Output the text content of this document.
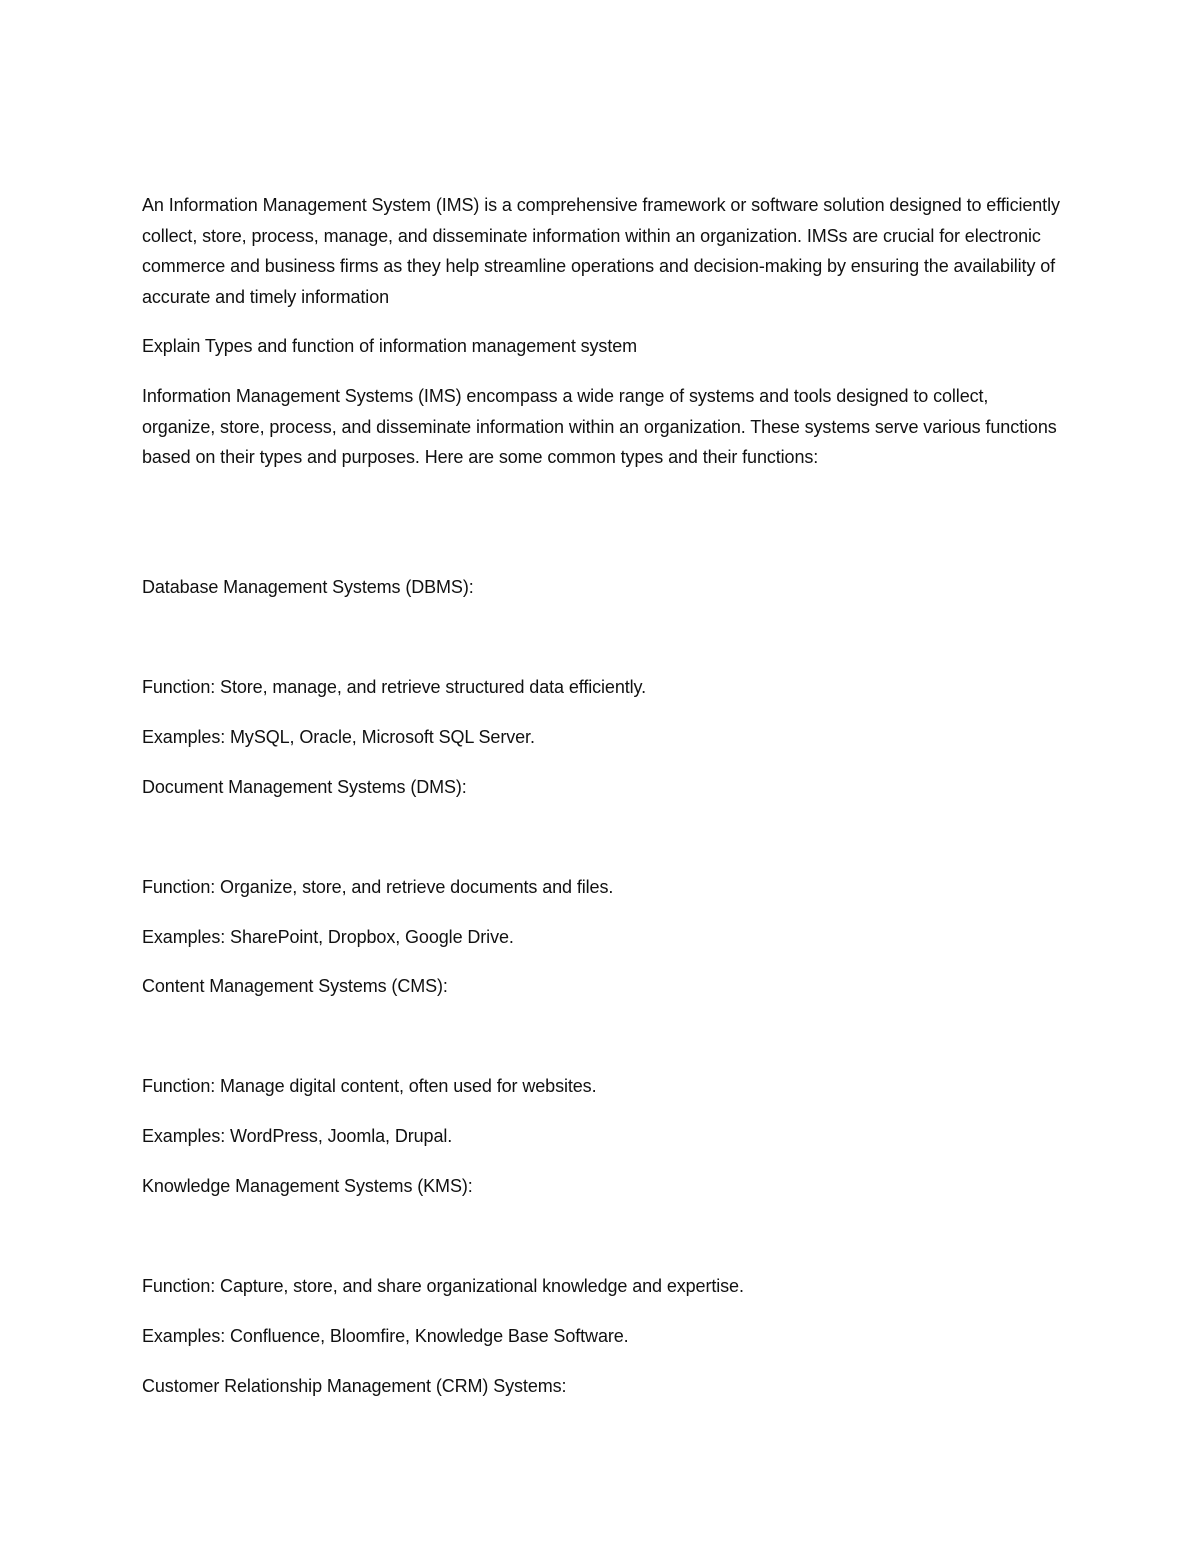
An Information Management System (IMS) is a comprehensive framework or software solution designed to efficiently collect, store, process, manage, and disseminate information within an organization. IMSs are crucial for electronic commerce and business firms as they help streamline operations and decision-making by ensuring the availability of accurate and timely information

Explain Types and function of information management system

Information Management Systems (IMS) encompass a wide range of systems and tools designed to collect, organize, store, process, and disseminate information within an organization. These systems serve various functions based on their types and purposes. Here are some common types and their functions:

Database Management Systems (DBMS):

Function: Store, manage, and retrieve structured data efficiently.

Examples: MySQL, Oracle, Microsoft SQL Server.

Document Management Systems (DMS):

Function: Organize, store, and retrieve documents and files.

Examples: SharePoint, Dropbox, Google Drive.

Content Management Systems (CMS):

Function: Manage digital content, often used for websites.

Examples: WordPress, Joomla, Drupal.

Knowledge Management Systems (KMS):

Function: Capture, store, and share organizational knowledge and expertise.

Examples: Confluence, Bloomfire, Knowledge Base Software.

Customer Relationship Management (CRM) Systems:
